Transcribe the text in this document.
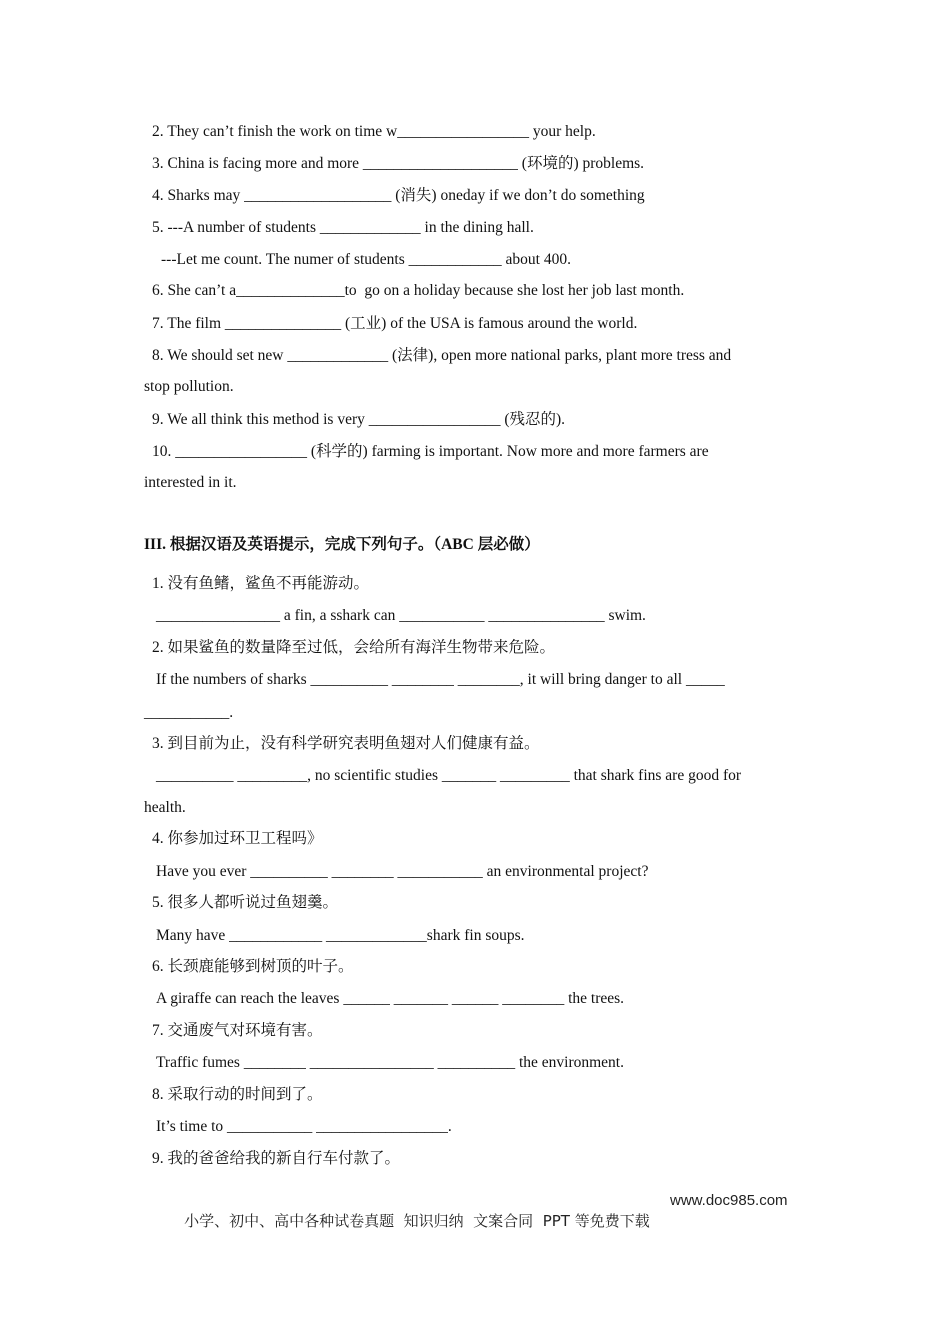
2. They can’t finish the work on time w_________________ your help.
3. China is facing more and more ____________________ (环境的) problems.
4. Sharks may ___________________ (消失) oneday if we don’t do something
5. ---A number of students _____________ in the dining hall.
---Let me count. The numer of students ____________ about 400.
6. She can’t a______________to  go on a holiday because she lost her job last month.
7. The film _______________ (工业) of the USA is famous around the world.
8. We should set new _____________ (法律), open more national parks, plant more tress and
stop pollution.
9. We all think this method is very _________________ (残忍的).
10. _________________ (科学的) farming is important. Now more and more farmers are
interested in it.
III. 根据汉语及英语提示，完成下列句子。（ABC 层必做）
1. 没有鱼鳍，鲨鱼不再能游动。
________________ a fin, a sshark can ___________ _______________ swim.
2. 如果鲨鱼的数量降至过低，会给所有海洋生物带来危险。
If the numbers of sharks __________ ________ ________, it will bring danger to all _____
___________.
3. 到目前为止，没有科学研究表明鱼翅对人们健康有益。
__________ _________, no scientific studies _______ _________ that shark fins are good for
health.
4. 你参加过环卫工程吗》
Have you ever __________ ________ ___________ an environmental project?
5. 很多人都听说过鱼翅羹。
Many have ____________ _____________shark fin soups.
6. 长颈鹿能够到树顶的叶子。
A giraffe can reach the leaves ______ _______ ______ ________ the trees.
7. 交通废气对环境有害。
Traffic fumes ________ ________________ __________ the environment.
8. 采取行动的时间到了。
It’s time to ___________ _________________.
9. 我的爸爸给我的新自行车付款了。

小学、初中、高中各种试卷真题  知识归纳  文案合同  PPT 等免费下载

www.doc985.com
